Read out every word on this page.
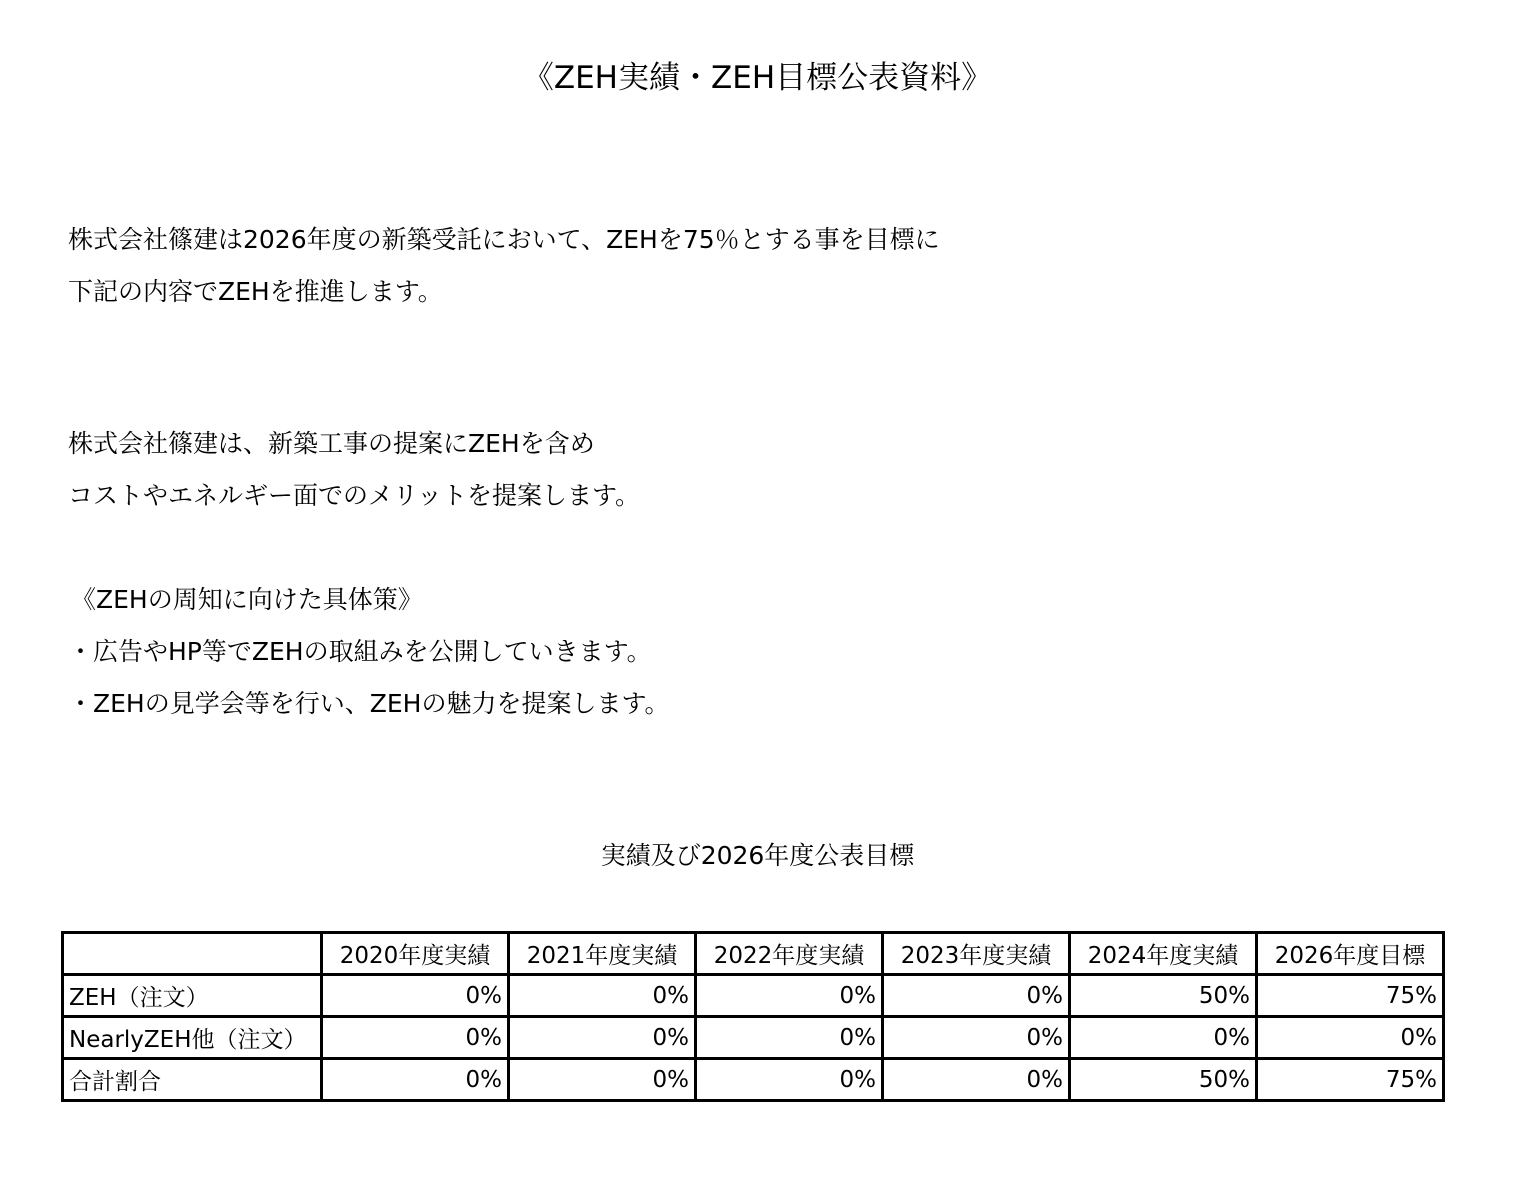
《ZEH実績・ZEH目標公表資料》
株式会社篠建は2026年度の新築受託において、ZEHを75％とする事を目標に
下記の内容でZEHを推進します。
株式会社篠建は、新築工事の提案にZEHを含め
コストやエネルギー面でのメリットを提案します。
《ZEHの周知に向けた具体策》
・広告やHP等でZEHの取組みを公開していきます。
・ZEHの見学会等を行い、ZEHの魅力を提案します。
実績及び2026年度公表目標
	2020年度実績	2021年度実績	2022年度実績	2023年度実績	2024年度実績	2026年度目標
ZEH（注文）	0%	0%	0%	0%	50%	75%
NearlyZEH他（注文）	0%	0%	0%	0%	0%	0%
合計割合	0%	0%	0%	0%	50%	75%
